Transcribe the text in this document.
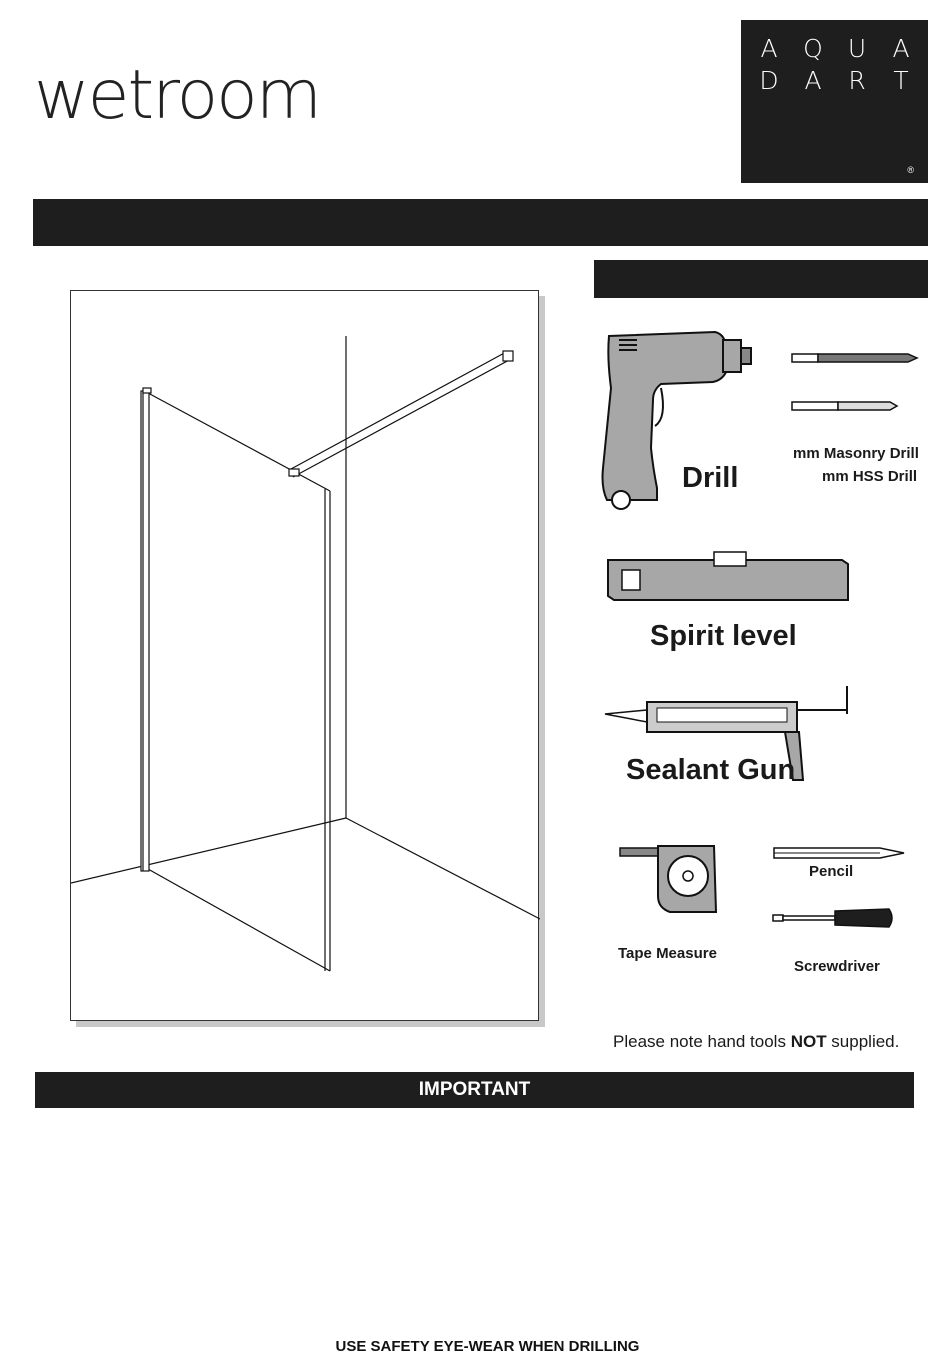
wetroom
A Q U A
D A R T
®
Drill
mm Masonry Drill
mm HSS Drill
Spirit level
Sealant Gun
Tape Measure
Pencil
Screwdriver
Please note hand tools NOT supplied.
IMPORTANT
USE SAFETY EYE-WEAR WHEN DRILLING
